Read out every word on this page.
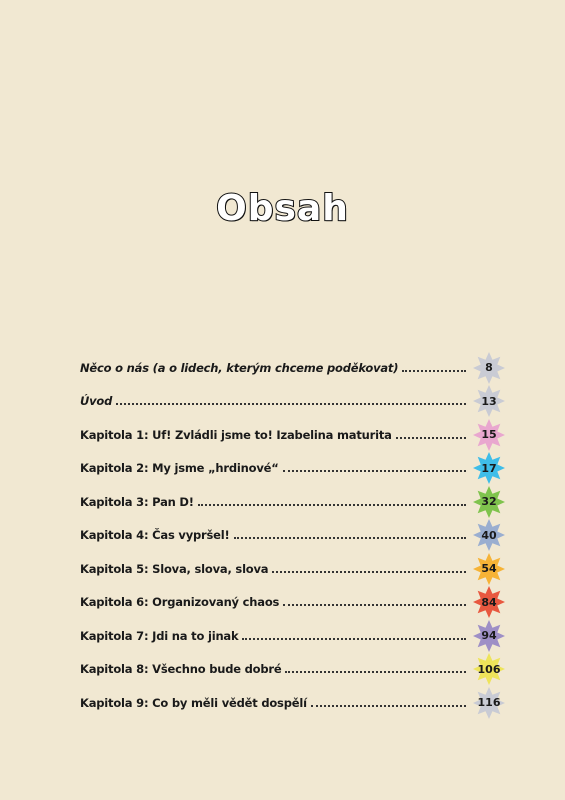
Obsah
Něco o nás (a o lidech, kterým chceme poděkovat)	8
Úvod	13
Kapitola 1: Uf! Zvládli jsme to! Izabelina maturita	15
Kapitola 2: My jsme „hrdinové“	17
Kapitola 3: Pan D!	32
Kapitola 4: Čas vypršel!	40
Kapitola 5: Slova, slova, slova	54
Kapitola 6: Organizovaný chaos	84
Kapitola 7: Jdi na to jinak	94
Kapitola 8: Všechno bude dobré	106
Kapitola 9: Co by měli vědět dospělí	116
